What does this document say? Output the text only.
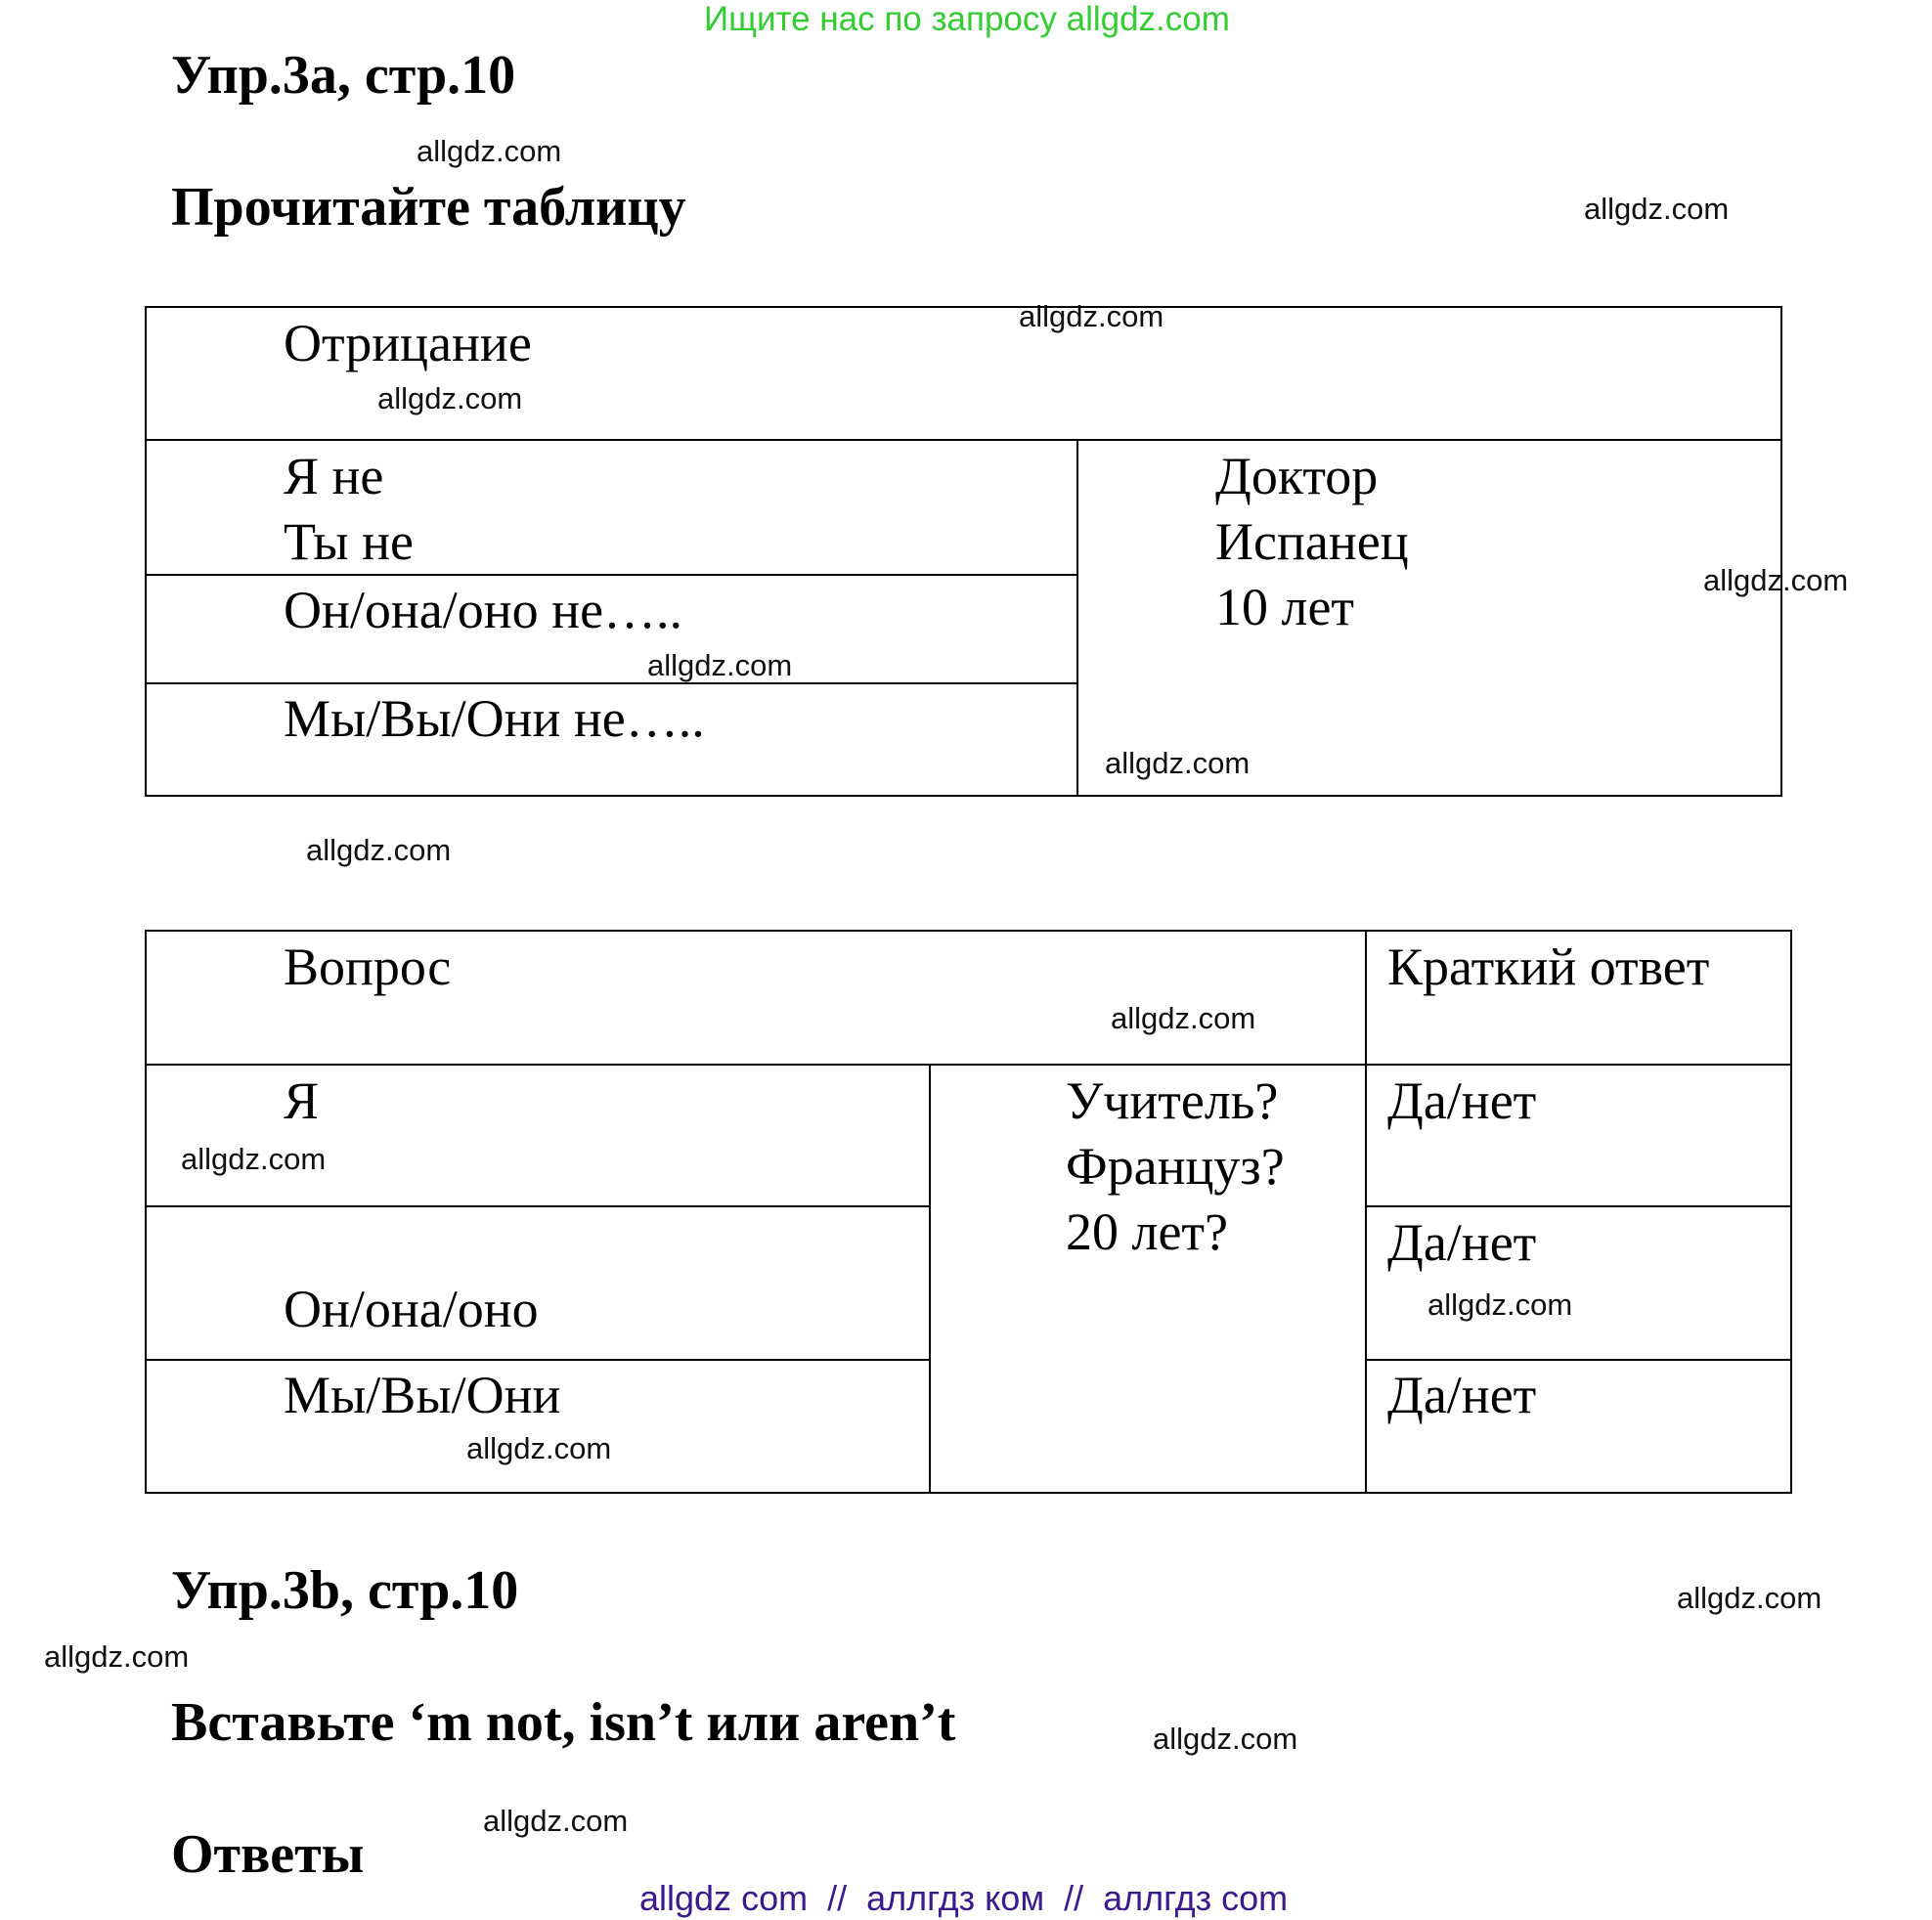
Ищите нас по запросу allgdz.com
Упр.3a, стр.10
Прочитайте таблицу
Отрицание
Я не
Ты не
Он/она/оно не…..
Мы/Вы/Они не…..
Доктор
Испанец
10 лет
Вопрос	Краткий ответ
Я
Он/она/оно
Мы/Вы/Они
Учитель?
Француз?
20 лет?
Да/нет
Да/нет
Да/нет
Упр.3b, стр.10
Вставьте ‘m not, isn’t или aren’t
Ответы
allgdz.com
allgdz.com
allgdz.com
allgdz.com
allgdz.com
allgdz.com
allgdz.com
allgdz.com
allgdz.com
allgdz.com
allgdz.com
allgdz.com
allgdz.com
allgdz.com
allgdz.com
allgdz.com
allgdz com  //  аллгдз ком  //  аллгдз com
